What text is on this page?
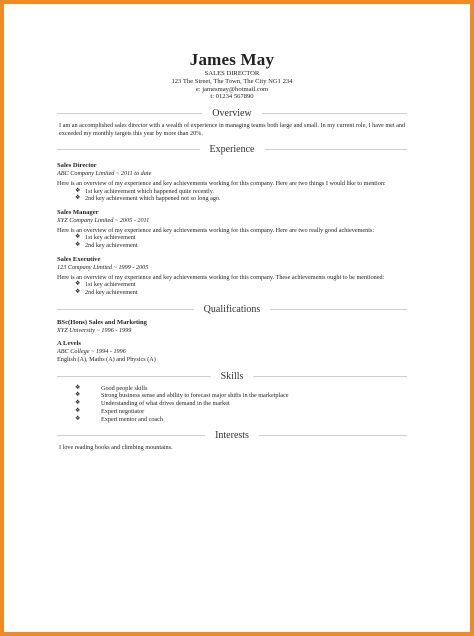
James May

SALES DIRECTOR
123 The Street, The Town, The City NG1 234
e: jamesmay@hotmail.com
t: 01234 567890
Overview
I am an accomplished sales director with a wealth of experience in managing teams both large and small. In my current role, I have met and exceeded my monthly targets this year by more than 20%.
Experience
Sales Director
ABC Company Limited ~ 2011 to date
Here is an overview of my experience and key achievements working for this company. Here are two things I would like to mention:
❖ 1st key achievement which happened quite recently.
❖ 2nd key achievement which happened not so long ago.
Sales Manager
XYZ Company Limited ~ 2005 - 2011
Here is an overview of my experience and key achievements working for this company. Here are two really good achievements:
❖ 1st key achievement
❖ 2nd key achievement
Sales Executive
123 Company Limited ~ 1999 - 2005
Here is an overview of my experience and key achievements working for this company. These achievements ought to be mentioned:
❖ 1st key achievement
❖ 2nd key achievement
Qualifications
BSc(Hons) Sales and Marketing
XYZ University ~ 1996 - 1999
A Levels
ABC College ~ 1994 - 1996
English (A), Maths (A) and Physics (A)
Skills
❖	Good people skills
❖	Strong business sense and ability to forecast major shifts in the marketplace
❖	Understanding of what drives demand in the market
❖	Expert negotiator
❖	Expert mentor and coach
Interests
I love reading books and climbing mountains.
